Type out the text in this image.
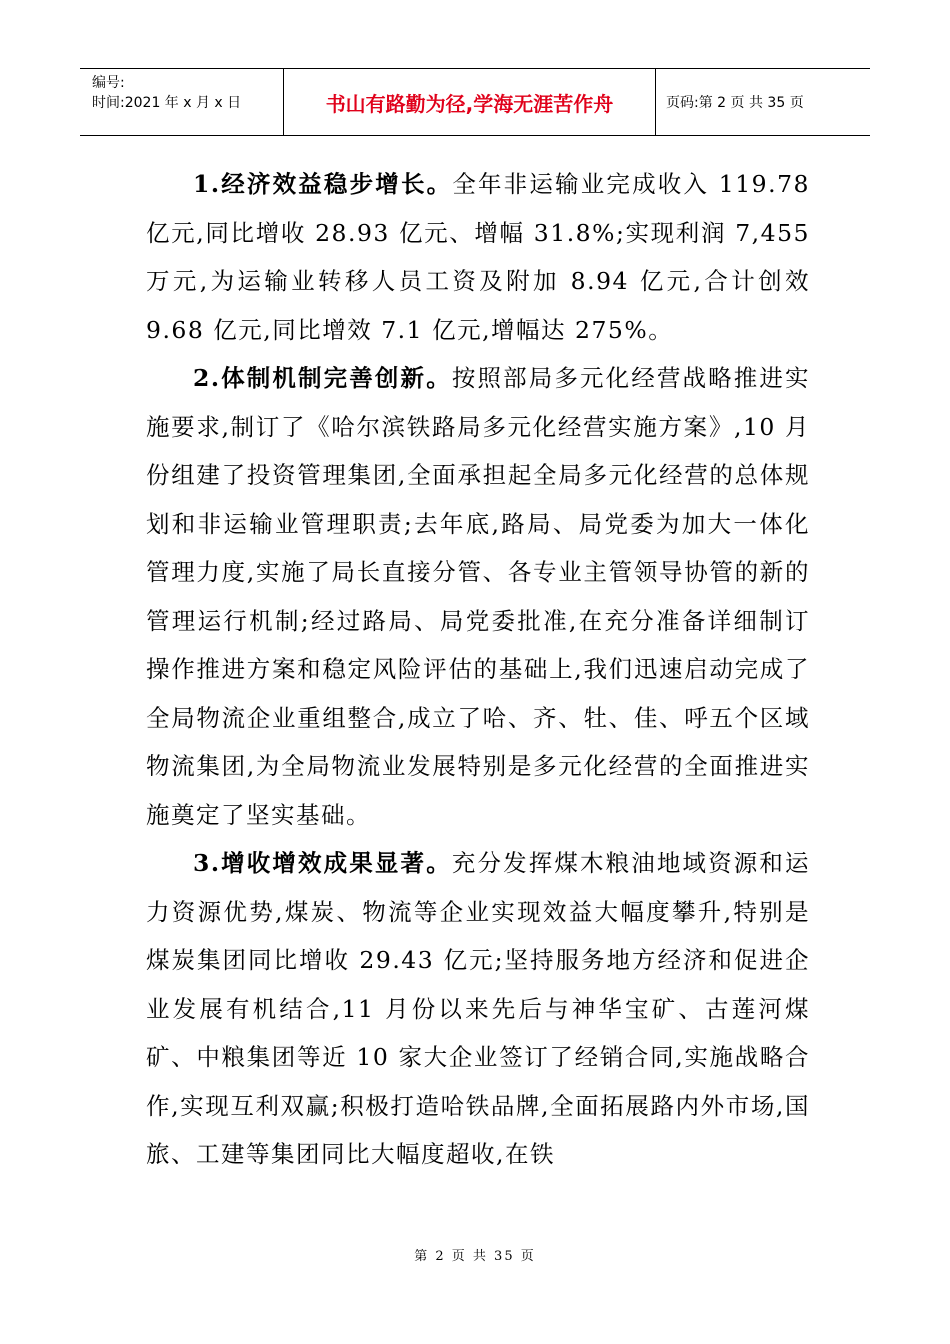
编号:
时间:2021 年 x 月 x 日	书山有路勤为径,学海无涯苦作舟	页码:第 2 页 共 35 页

1.经济效益稳步增长。全年非运输业完成收入 119.78 亿元,同比增收 28.93 亿元、增幅 31.8%;实现利润 7,455 万元,为运输业转移人员工资及附加 8.94 亿元,合计创效 9.68 亿元,同比增效 7.1 亿元,增幅达 275%。

2.体制机制完善创新。按照部局多元化经营战略推进实施要求,制订了《哈尔滨铁路局多元化经营实施方案》,10 月份组建了投资管理集团,全面承担起全局多元化经营的总体规划和非运输业管理职责;去年底,路局、局党委为加大一体化管理力度,实施了局长直接分管、各专业主管领导协管的新的管理运行机制;经过路局、局党委批准,在充分准备详细制订操作推进方案和稳定风险评估的基础上,我们迅速启动完成了全局物流企业重组整合,成立了哈、齐、牡、佳、呼五个区域物流集团,为全局物流业发展特别是多元化经营的全面推进实施奠定了坚实基础。

3.增收增效成果显著。充分发挥煤木粮油地域资源和运力资源优势,煤炭、物流等企业实现效益大幅度攀升,特别是煤炭集团同比增收 29.43 亿元;坚持服务地方经济和促进企业发展有机结合,11 月份以来先后与神华宝矿、古莲河煤矿、中粮集团等近 10 家大企业签订了经销合同,实施战略合作,实现互利双赢;积极打造哈铁品牌,全面拓展路内外市场,国旅、工建等集团同比大幅度超收,在铁

第 2 页 共 35 页
